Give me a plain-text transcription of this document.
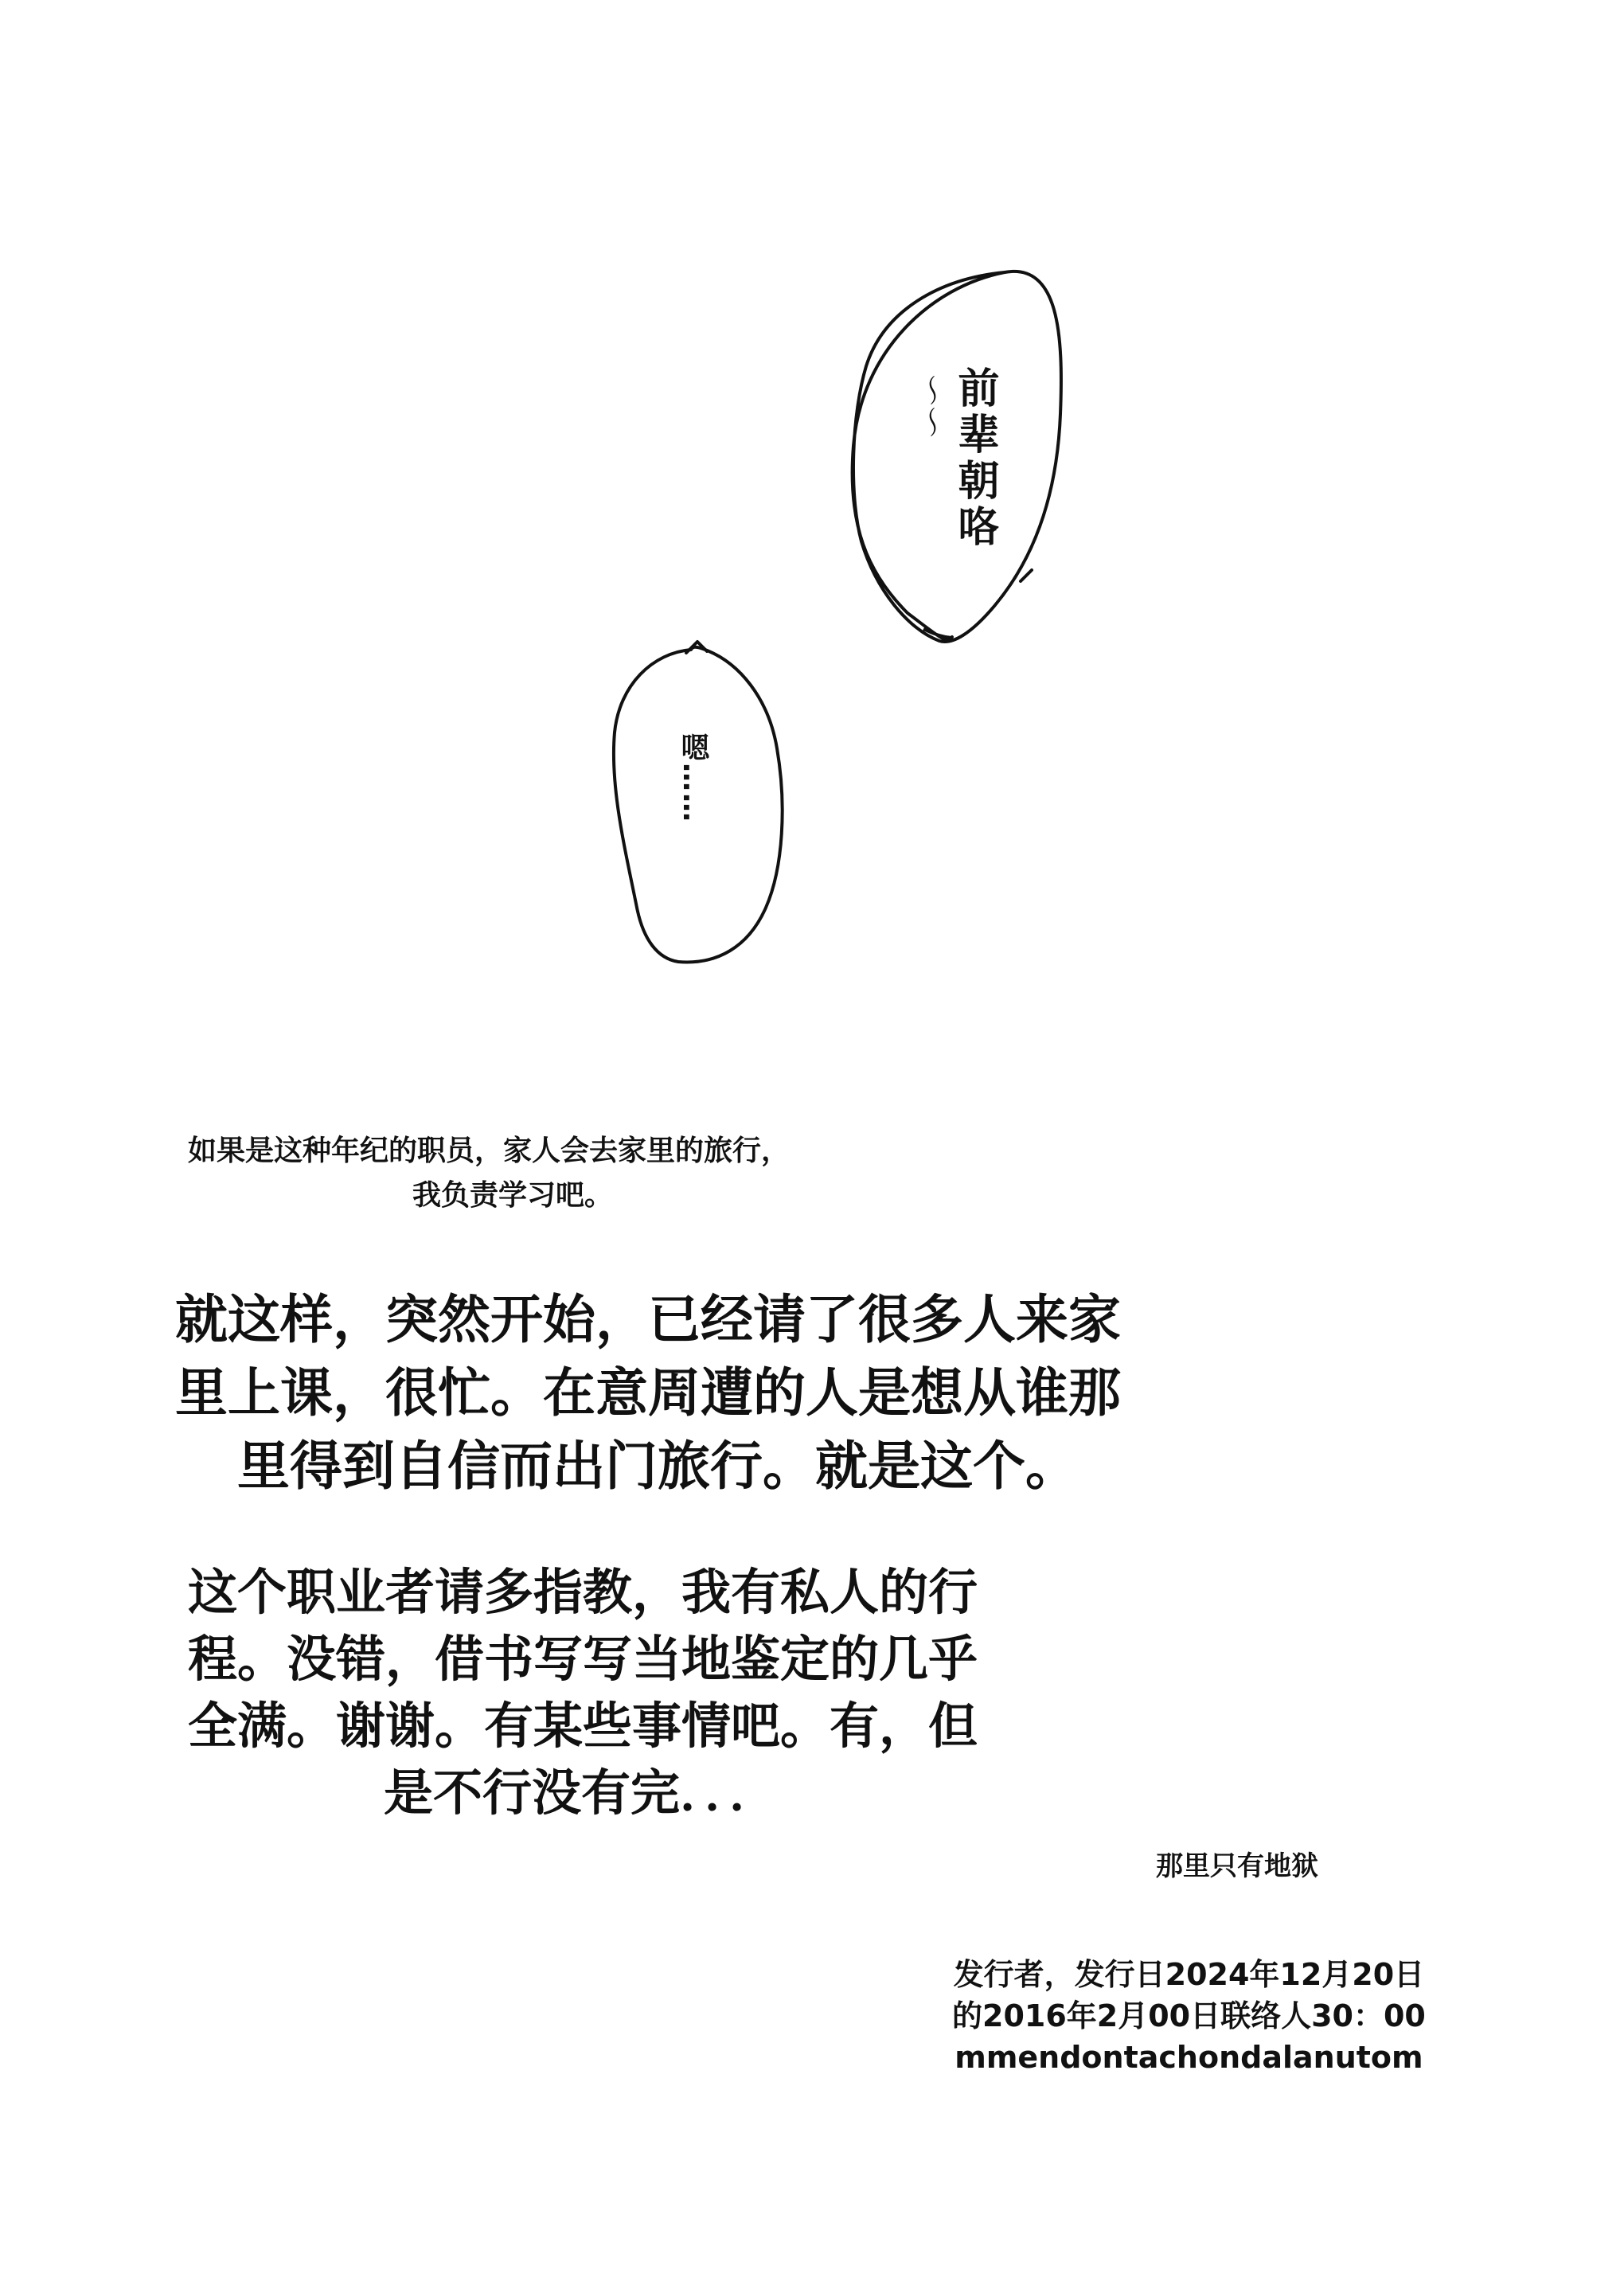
～～ 前辈朝咯
嗯……
如果是这种年纪的职员，家人会去家里的旅行，
我负责学习吧。
就这样，突然开始，已经请了很多人来家
里上课，很忙。在意周遭的人是想从谁那
里得到自信而出门旅行。就是这个。
这个职业者请多指教，我有私人的行
程。没错，借书写写当地鉴定的几乎
全满。谢谢。有某些事情吧。有，但
是不行没有完．．．
那里只有地狱
发行者，发行日2024年12月20日
的2016年2月00日联络人30：00
mmendontachondalanutom
